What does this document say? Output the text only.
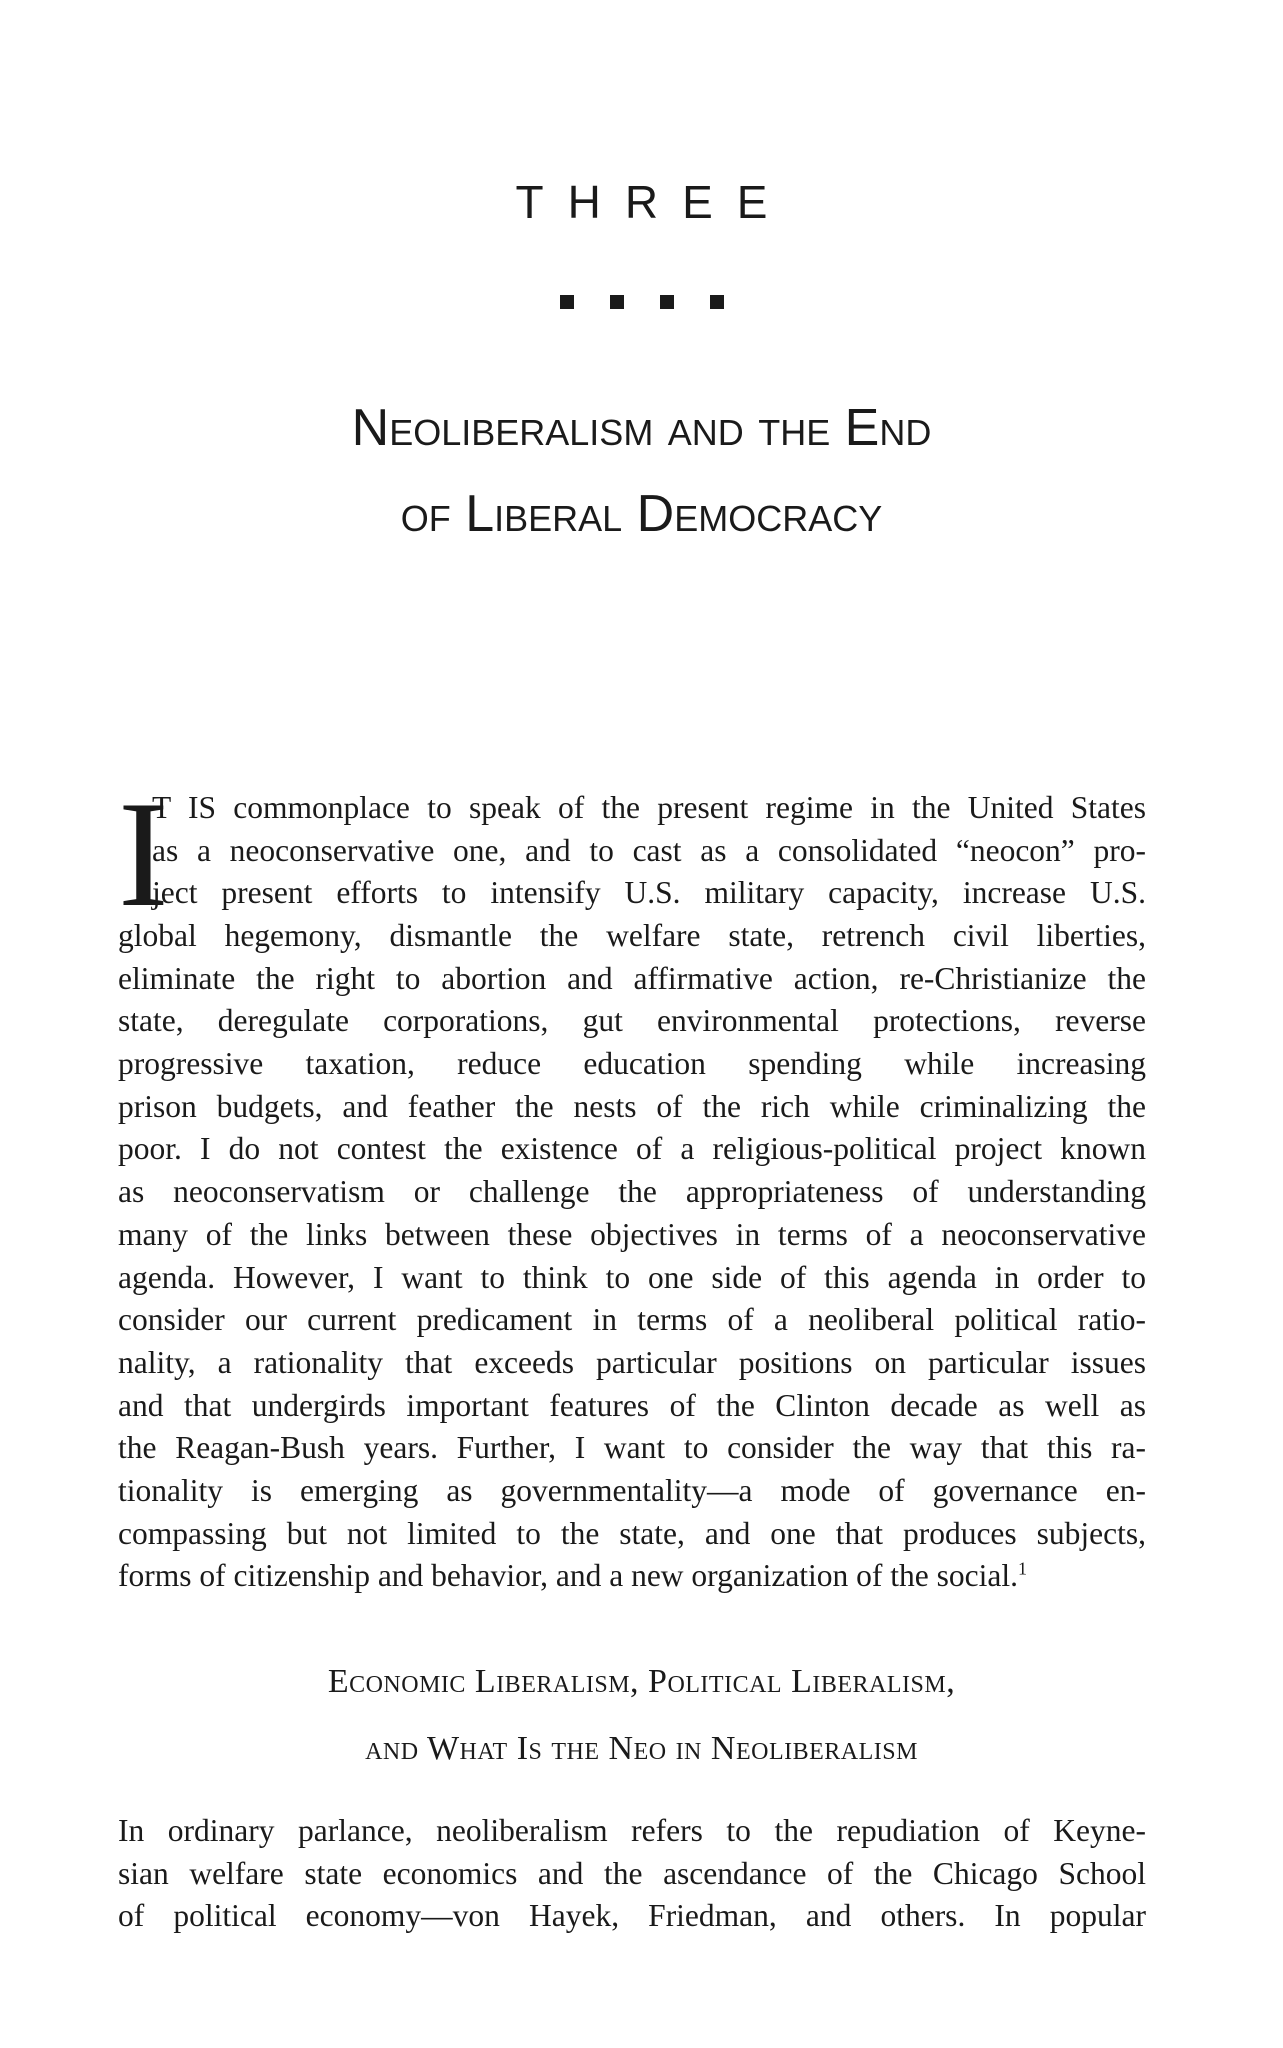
THREE
Neoliberalism and the End
of Liberal Democracy
I
T IS commonplace to speak of the present regime in the United States
as a neoconservative one, and to cast as a consolidated “neocon” pro-
ject present efforts to intensify U.S. military capacity, increase U.S.
global hegemony, dismantle the welfare state, retrench civil liberties,
eliminate the right to abortion and affirmative action, re-Christianize the
state, deregulate corporations, gut environmental protections, reverse
progressive taxation, reduce education spending while increasing
prison budgets, and feather the nests of the rich while criminalizing the
poor. I do not contest the existence of a religious-political project known
as neoconservatism or challenge the appropriateness of understanding
many of the links between these objectives in terms of a neoconservative
agenda. However, I want to think to one side of this agenda in order to
consider our current predicament in terms of a neoliberal political ratio-
nality, a rationality that exceeds particular positions on particular issues
and that undergirds important features of the Clinton decade as well as
the Reagan-Bush years. Further, I want to consider the way that this ra-
tionality is emerging as governmentality—a mode of governance en-
compassing but not limited to the state, and one that produces subjects,
forms of citizenship and behavior, and a new organization of the social.$^1$
Economic Liberalism, Political Liberalism,
and What Is the Neo in Neoliberalism
In ordinary parlance, neoliberalism refers to the repudiation of Keyne-
sian welfare state economics and the ascendance of the Chicago School
of political economy—von Hayek, Friedman, and others. In popular
